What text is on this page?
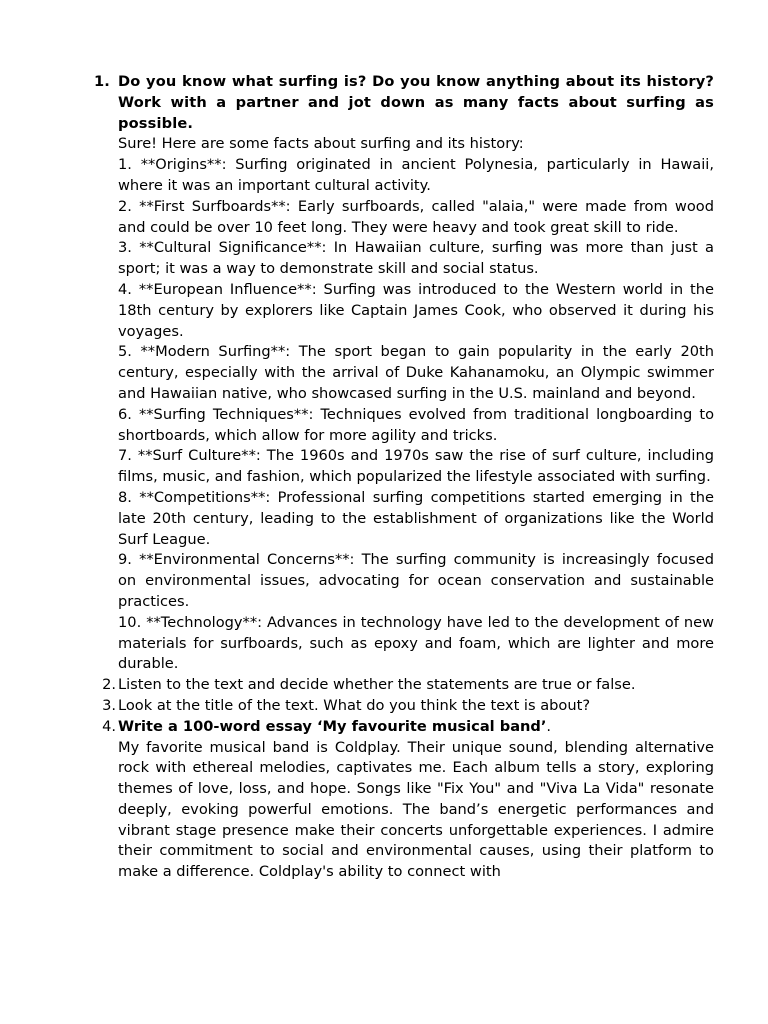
1. Do you know what surfing is? Do you know anything about its history? Work with a partner and jot down as many facts about surfing as possible.

Sure! Here are some facts about surfing and its history:

1. **Origins**: Surfing originated in ancient Polynesia, particularly in Hawaii, where it was an important cultural activity.

2. **First Surfboards**: Early surfboards, called "alaia," were made from wood and could be over 10 feet long. They were heavy and took great skill to ride.

3. **Cultural Significance**: In Hawaiian culture, surfing was more than just a sport; it was a way to demonstrate skill and social status.

4. **European Influence**: Surfing was introduced to the Western world in the 18th century by explorers like Captain James Cook, who observed it during his voyages.

5. **Modern Surfing**: The sport began to gain popularity in the early 20th century, especially with the arrival of Duke Kahanamoku, an Olympic swimmer and Hawaiian native, who showcased surfing in the U.S. mainland and beyond.

6. **Surfing Techniques**: Techniques evolved from traditional longboarding to shortboards, which allow for more agility and tricks.

7. **Surf Culture**: The 1960s and 1970s saw the rise of surf culture, including films, music, and fashion, which popularized the lifestyle associated with surfing.

8. **Competitions**: Professional surfing competitions started emerging in the late 20th century, leading to the establishment of organizations like the World Surf League.

9. **Environmental Concerns**: The surfing community is increasingly focused on environmental issues, advocating for ocean conservation and sustainable practices.

10. **Technology**: Advances in technology have led to the development of new materials for surfboards, such as epoxy and foam, which are lighter and more durable.

2. Listen to the text and decide whether the statements are true or false.

3. Look at the title of the text. What do you think the text is about?

4. Write a 100-word essay ‘My favourite musical band’.

My favorite musical band is Coldplay. Their unique sound, blending alternative rock with ethereal melodies, captivates me. Each album tells a story, exploring themes of love, loss, and hope. Songs like "Fix You" and "Viva La Vida" resonate deeply, evoking powerful emotions. The band’s energetic performances and vibrant stage presence make their concerts unforgettable experiences. I admire their commitment to social and environmental causes, using their platform to make a difference. Coldplay's ability to connect with
